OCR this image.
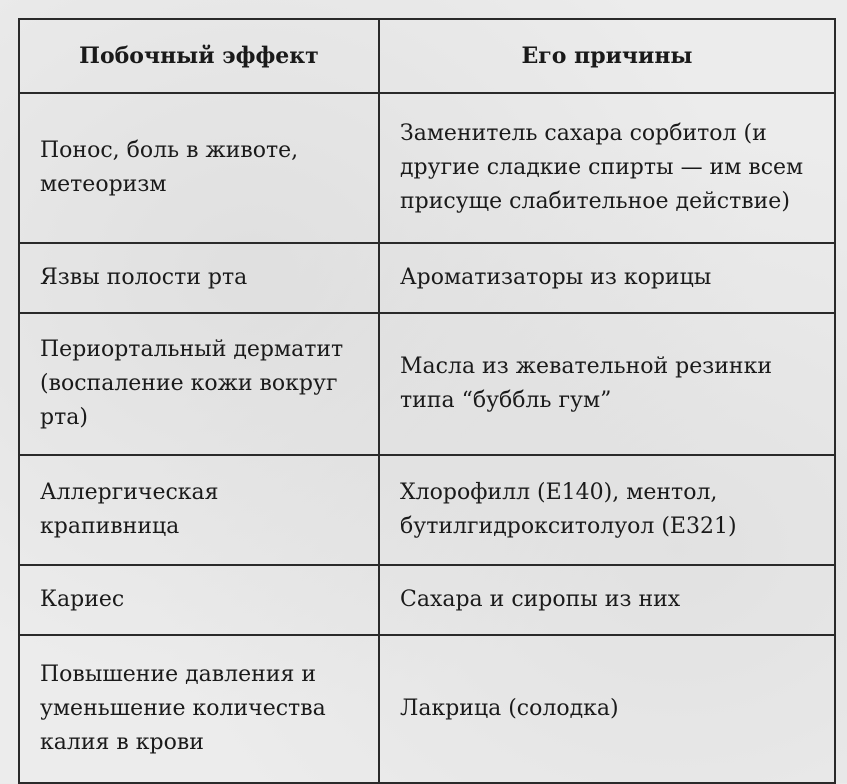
Побочный эффект	Его причины

Понос, боль в животе, метеоризм	Заменитель сахара сорбитол (и другие сладкие спирты — им всем присуще слабительное действие)

Язвы полости рта	Ароматизаторы из корицы

Периортальный дерматит (воспаление кожи вокруг рта)	Масла из жевательной резинки типа “буббль гум”

Аллергическая крапивница	Хлорофилл (Е140), ментол, бутилгидрокситолуол (Е321)

Кариес	Сахара и сиропы из них

Повышение давления и уменьшение количества калия в крови	Лакрица (солодка)
